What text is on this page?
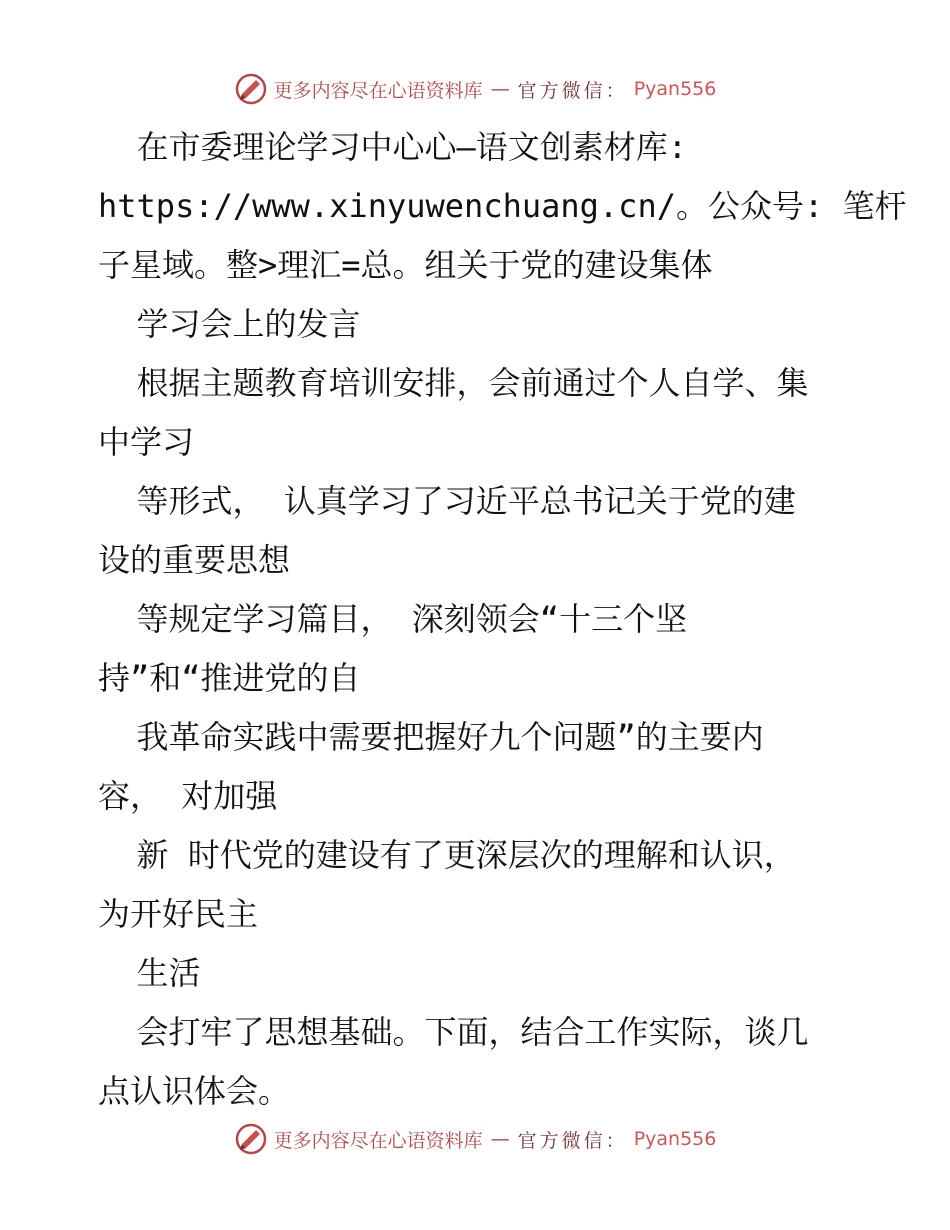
更多内容尽在心语资料库 — 官方微信： Pyan556
在市委理论学习中心心—语文创素材库:
https://www.xinyuwenchuang.cn/。公众号: 笔杆
子星域。整>理汇=总。组关于党的建设集体
学习会上的发言
根据主题教育培训安排，会前通过个人自学、集
中学习
等形式， 认真学习了习近平总书记关于党的建
设的重要思想
等规定学习篇目， 深刻领会“十三个坚
持”和“推进党的自
我革命实践中需要把握好九个问题”的主要内
容， 对加强
新 时代党的建设有了更深层次的理解和认识，
为开好民主
生活
会打牢了思想基础。下面，结合工作实际，谈几
点认识体会。
更多内容尽在心语资料库 — 官方微信： Pyan556
